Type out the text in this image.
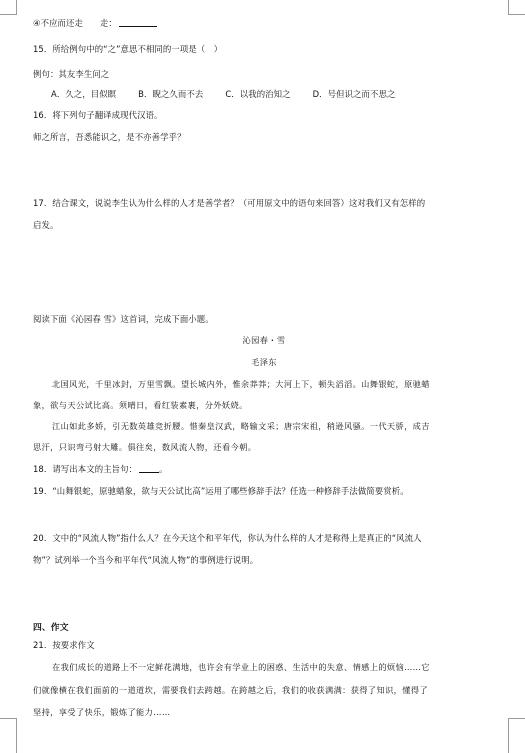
④不应而还走　　走：
15．所给例句中的“之”意思不相同的一项是（　）
例句：其友李生问之
A．久之，目似瞑	B．睨之久而不去	C．以我的治知之	D．号但识之而不思之
16．将下列句子翻译成现代汉语。
师之所言，吾悉能识之，是不亦善学乎？
17．结合课文，说说李生认为什么样的人才是善学者？（可用原文中的语句来回答）这对我们又有怎样的
启发。
阅读下面《沁园春 雪》这首词，完成下面小题。
沁园春・雪
毛泽东
北国风光，千里冰封，万里雪飘。望长城内外，惟余莽莽；大河上下，顿失滔滔。山舞银蛇，原驰蜡
象，欲与天公试比高。须晴日，看红装素裹，分外妖娆。
江山如此多娇，引无数英雄竞折腰。惜秦皇汉武，略输文采；唐宗宋祖，稍逊风骚。一代天骄，成吉
思汗，只识弯弓射大雕。俱往矣，数风流人物，还看今朝。
18．请写出本文的主旨句：	。
19．“山舞银蛇，原驰蜡象，欲与天公试比高”运用了哪些修辞手法？任选一种修辞手法做简要赏析。
20．文中的“风流人物”指什么人？在今天这个和平年代，你认为什么样的人才是称得上是真正的“风流人
物”？试列举一个当今和平年代“风流人物”的事例进行说明。
四、作文
21．按要求作文
在我们成长的道路上不一定鲜花满地，也许会有学业上的困惑、生活中的失意、情感上的烦恼……它
们就像横在我们面前的一道道坎，需要我们去跨越。在跨越之后，我们的收获满满：获得了知识，懂得了
坚持，享受了快乐，锻炼了能力……
